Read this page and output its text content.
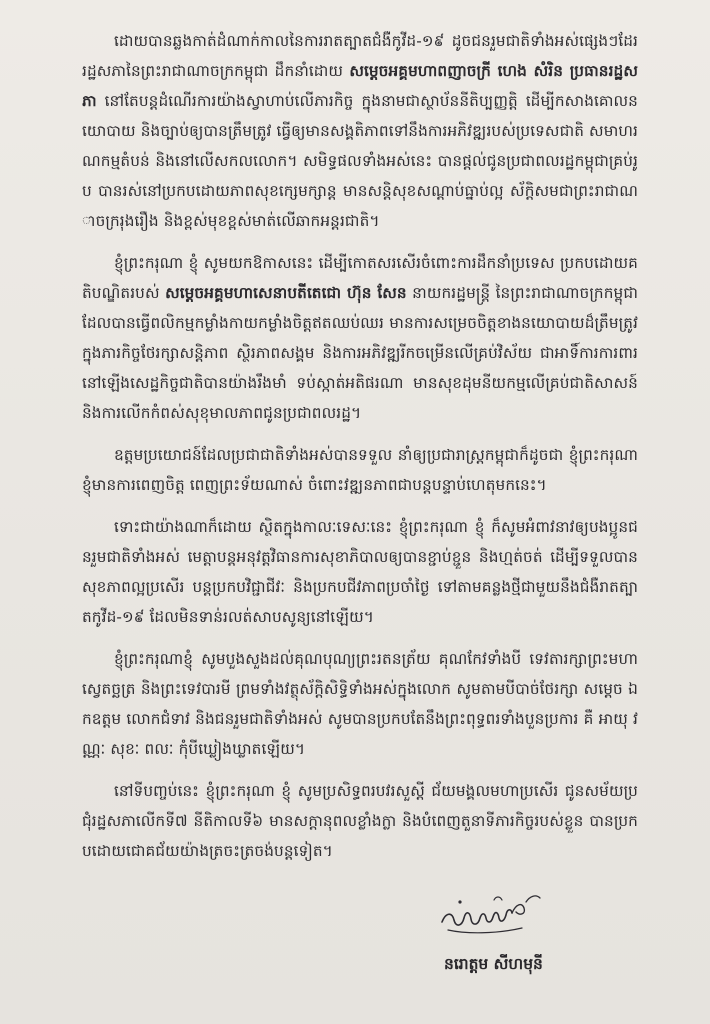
ដោយបានឆ្លងកាត់ដំណាក់កាលនៃការរាតត្បាតជំងឺកូវីដ-១៩ ដូចជនរួមជាតិទាំងអស់ផ្សេងៗដែរ រដ្ឋសភានៃព្រះរាជាណាចក្រកម្ពុជា ដឹកនាំដោយ សម្ដេចអគ្គមហាពញាចក្រី ហេង សំរិន ប្រធានរដ្ឋសភា នៅតែបន្តដំណើរការយ៉ាងស្វាហាប់លើភារកិច្ច ក្នុងនាមជាស្ថាប័ននីតិប្បញ្ញត្តិ ដើម្បីកសាងគោលនយោបាយ និងច្បាប់ឲ្យបានត្រឹមត្រូវ ធ្វើឲ្យមានសង្គតិភាពទៅនឹងការអភិវឌ្ឍរបស់ប្រទេសជាតិ សមាហរណកម្មតំបន់ និងនៅលើសកលលោក។ សមិទ្ធផលទាំងអស់នេះ បានផ្ដល់ជូនប្រជាពលរដ្ឋកម្ពុជាគ្រប់រូប បានរស់នៅប្រកបដោយភាពសុខក្សេមក្សាន្ត មានសន្តិសុខសណ្ដាប់ធ្នាប់ល្អ ស័ក្ដិសមជាព្រះរាជាណាចក្ររុងរឿង និងខ្ពស់មុខខ្ពស់មាត់លើឆាកអន្តរជាតិ។

ខ្ញុំព្រះករុណា ខ្ញុំ សូមយកឱកាសនេះ ដើម្បីកោតសរសើរចំពោះការដឹកនាំប្រទេស ប្រកបដោយគតិបណ្ឌិតរបស់ សម្ដេចអគ្គមហាសេនាបតីតេជោ ហ៊ុន សែន នាយករដ្ឋមន្ត្រី នៃព្រះរាជាណាចក្រកម្ពុជា ដែលបានធ្វើពលិកម្មកម្លាំងកាយកម្លាំងចិត្តឥតឈប់ឈរ មានការសម្រេចចិត្តខាងនយោបាយដ៏ត្រឹមត្រូវ ក្នុងភារកិច្ចថែរក្សាសន្តិភាព ស្ថិរភាពសង្គម និងការអភិវឌ្ឍរីកចម្រើនលើគ្រប់វិស័យ ជាអាទិ៍ការការពារនៅឡើងសេដ្ឋកិច្ចជាតិបានយ៉ាងរឹងមាំ ទប់ស្កាត់អតិផរណា មានសុខដុមនីយកម្មលើគ្រប់ជាតិសាសន៍ និងការលើកកំពស់សុខុមាលភាពជូនប្រជាពលរដ្ឋ។

ឧត្ដមប្រយោជន៍ដែលប្រជាជាតិទាំងអស់បានទទួល នាំឲ្យប្រជារាស្ត្រកម្ពុជាក៏ដូចជា ខ្ញុំព្រះករុណា ខ្ញុំមានការពេញចិត្ត ពេញព្រះទ័យណាស់ ចំពោះវឌ្ឍនភាពជាបន្តបន្ទាប់ហេតុមកនេះ។

ទោះជាយ៉ាងណាក៏ដោយ ស្ថិតក្នុងកាលៈទេសៈនេះ ខ្ញុំព្រះករុណា ខ្ញុំ ក៏សូមអំពាវនាវឲ្យបងប្អូនជនរួមជាតិទាំងអស់ មេត្តាបន្តអនុវត្តវិធានការសុខាភិបាលឲ្យបានខ្ជាប់ខ្ជួន និងហ្មត់ចត់ ដើម្បីទទួលបានសុខភាពល្អប្រសើរ បន្តប្រកបវិជ្ជាជីវៈ និងប្រកបជីវភាពប្រចាំថ្ងៃ ទៅតាមគន្លងថ្មីជាមួយនឹងជំងឺរាតត្បាតកូវីដ-១៩ ដែលមិនទាន់រលត់សាបសូន្យនៅឡើយ។

ខ្ញុំព្រះករុណាខ្ញុំ សូមបួងសួងដល់គុណបុណ្យព្រះរតនត្រ័យ គុណកែវទាំងបី ទេវតារក្សាព្រះមហាស្វេតច្ឆត្រ និងព្រះទេវបារមី ព្រមទាំងវត្ថុស័ក្ដិសិទ្ធិទាំងអស់ក្នុងលោក សូមតាមបីបាច់ថែរក្សា សម្ដេច ឯកឧត្ដម លោកជំទាវ និងជនរួមជាតិទាំងអស់ សូមបានប្រកបតែនឹងព្រះពុទ្ធពរទាំងបួនប្រការ គឺ អាយុ វណ្ណៈ សុខៈ ពលៈ កុំបីឃ្លៀងឃ្លាតឡើយ។

នៅទីបញ្ចប់នេះ ខ្ញុំព្រះករុណា ខ្ញុំ សូមប្រសិទ្ធពរបវរសួស្ដី ជ័យមង្គលមហាប្រសើរ ជូនសម័យប្រជុំរដ្ឋសភាលើកទី៧ នីតិកាលទី៦ មានសក្ដានុពលខ្លាំងក្លា និងបំពេញតួនាទីភារកិច្ចរបស់ខ្លួន បានប្រកបដោយជោគជ័យយ៉ាងត្រចះត្រចង់បន្តទៀត។

នរោត្ដម សីហមុនី
